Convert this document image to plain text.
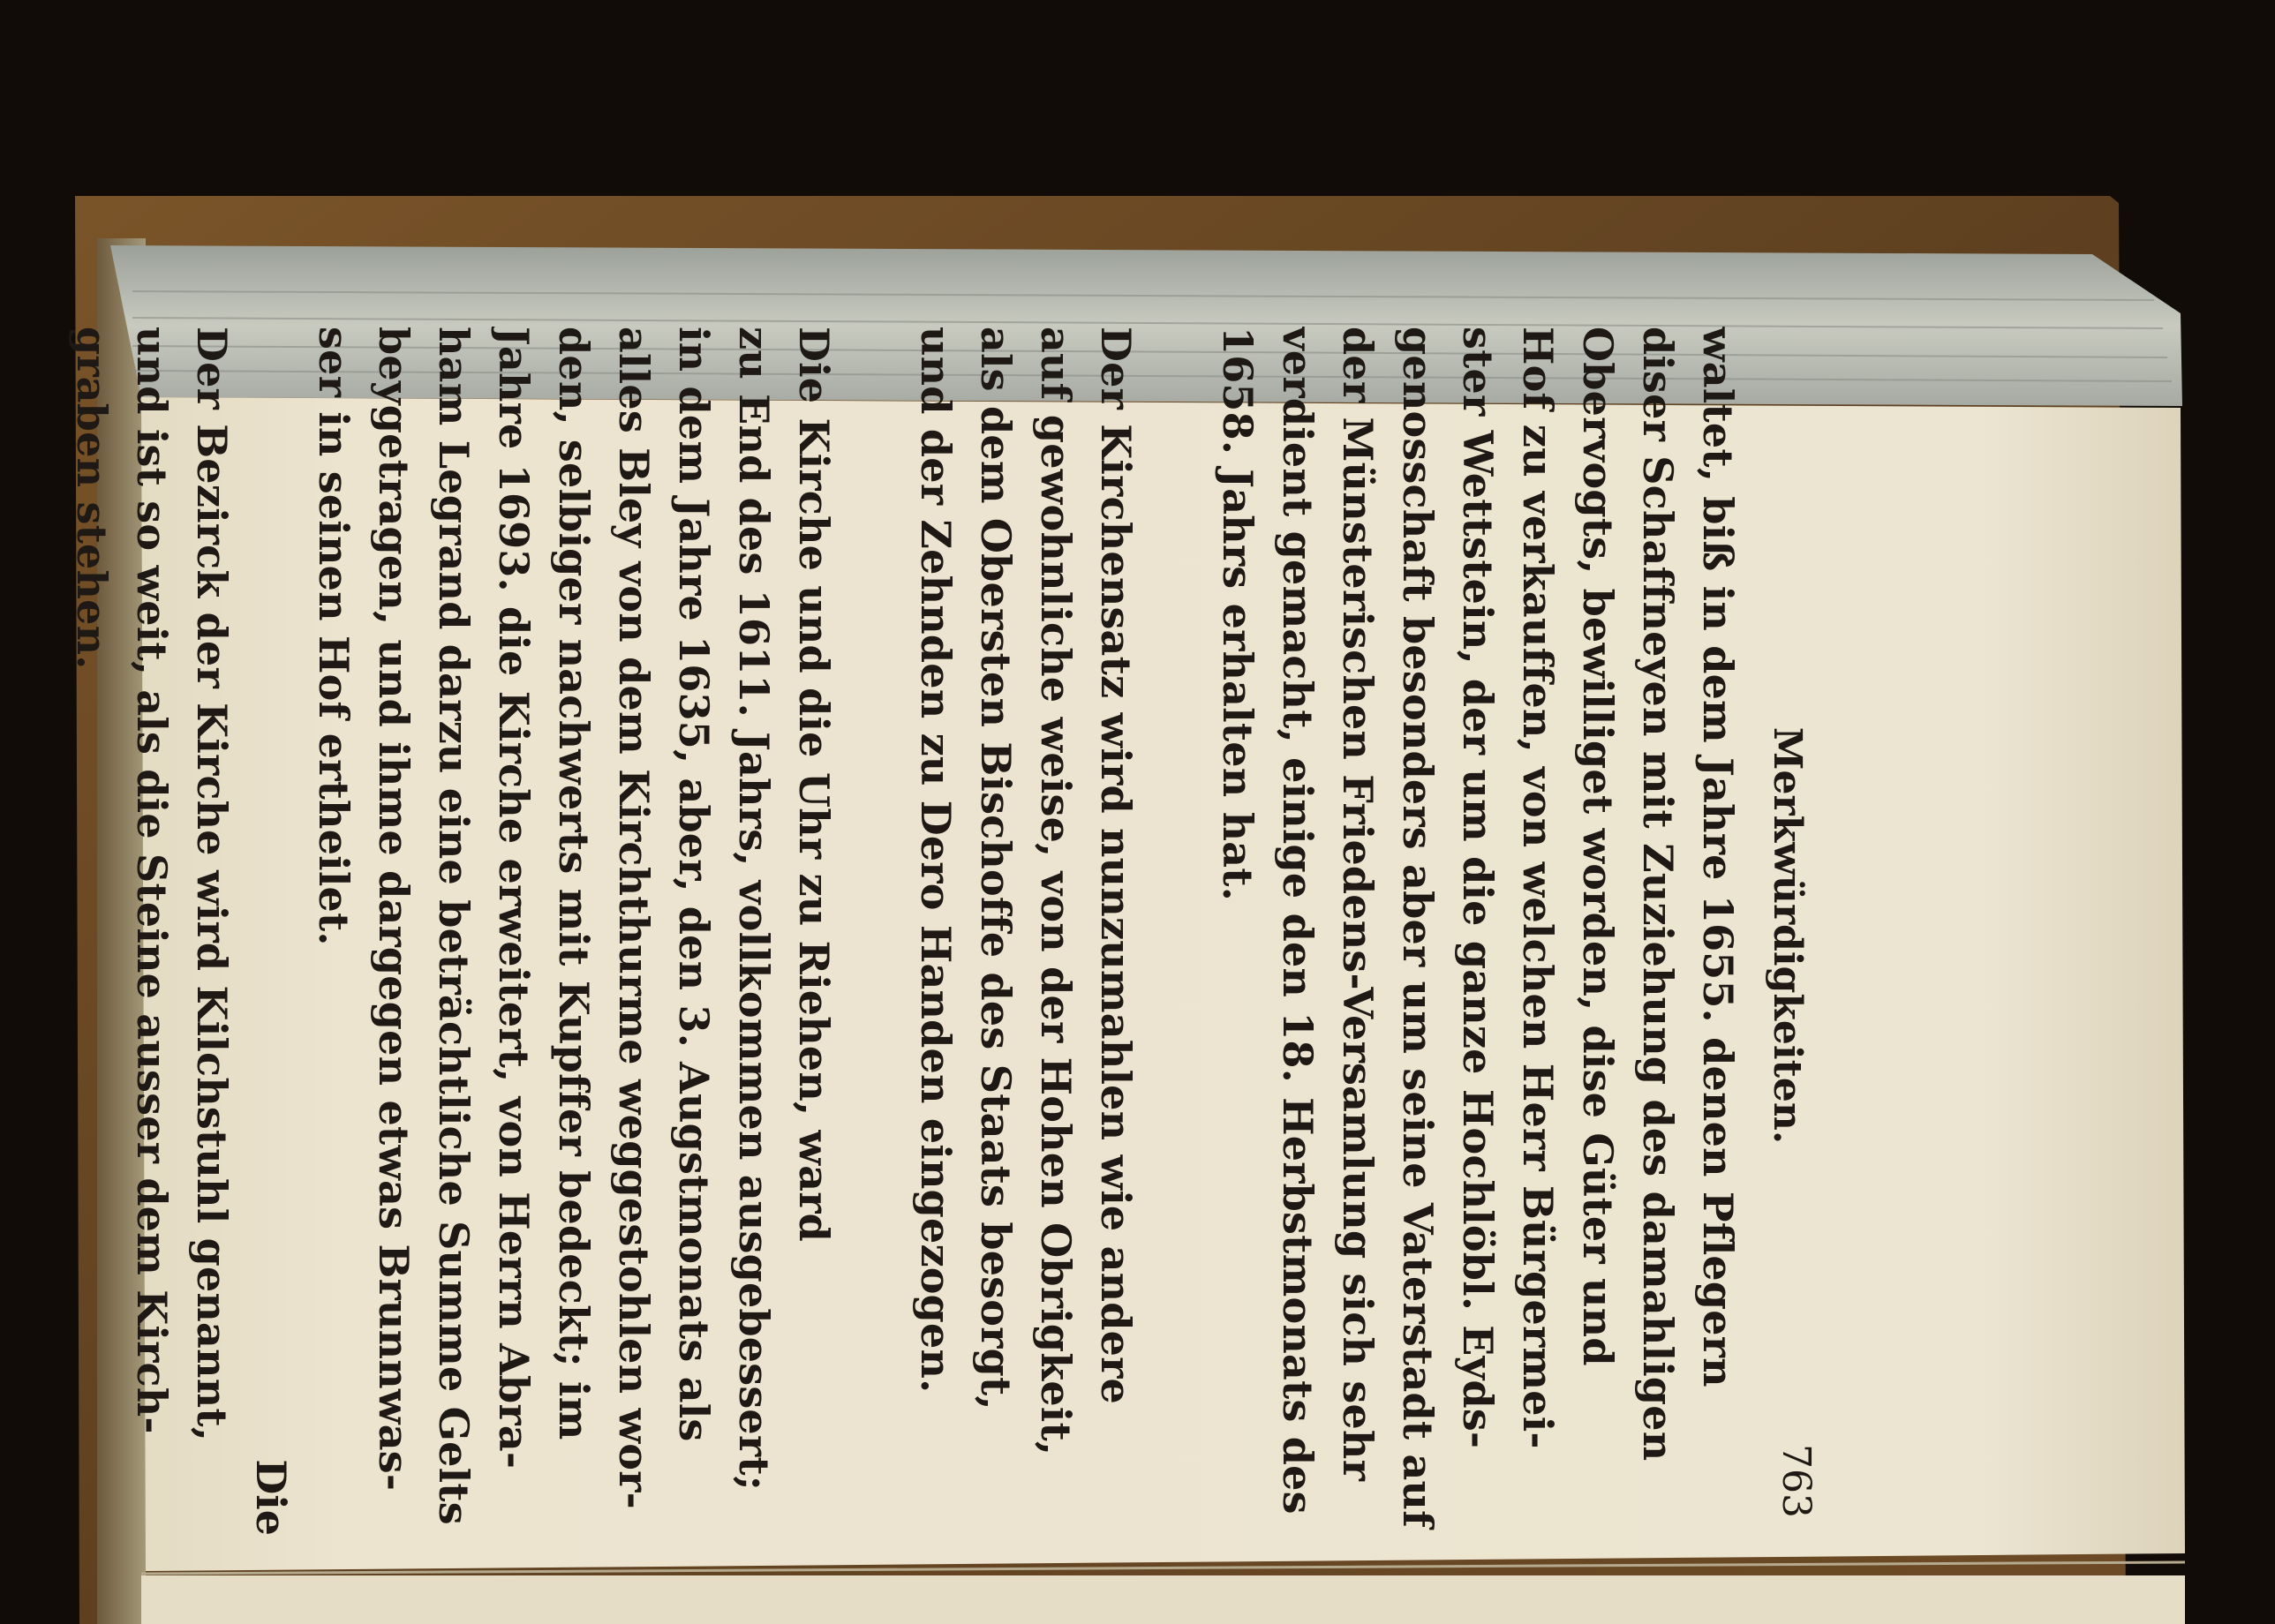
Merkwürdigkeiten.
763

waltet, biß in dem Jahre 1655. denen Pflegern
diser Schaffneyen mit Zuziehung des damahligen
Obervogts, bewilliget worden, dise Güter und
Hof zu verkauffen, von welchen Herr Bürgermei-
ster Wettstein, der um die ganze Hochlöbl. Eyds-
genosschaft besonders aber um seine Vaterstadt auf
der Münsterischen Friedens-Versamlung sich sehr
verdient gemacht, einige den 18. Herbstmonats des
1658. Jahrs erhalten hat.

Der Kirchensatz wird nunzumahlen wie andere
auf gewohnliche weise, von der Hohen Obrigkeit,
als dem Obersten Bischoffe des Staats besorgt,
und der Zehnden zu Dero Handen eingezogen.

Die Kirche und die Uhr zu Riehen, ward
zu End des 1611. Jahrs, vollkommen ausgebessert;
in dem Jahre 1635, aber, den 3. Augstmonats als
alles Bley von dem Kirchthurme weggestohlen wor-
den, selbiger nachwerts mit Kupffer bedeckt; im
Jahre 1693. die Kirche erweitert, von Herrn Abra-
ham Legrand darzu eine beträchtliche Summe Gelts
beygetragen, und ihme dargegen etwas Brunnwas-
ser in seinen Hof ertheilet.

Der Bezirck der Kirche wird Kilchstuhl genannt,
und ist so weit, als die Steine ausser dem Kirch-
graben stehen.

Die
